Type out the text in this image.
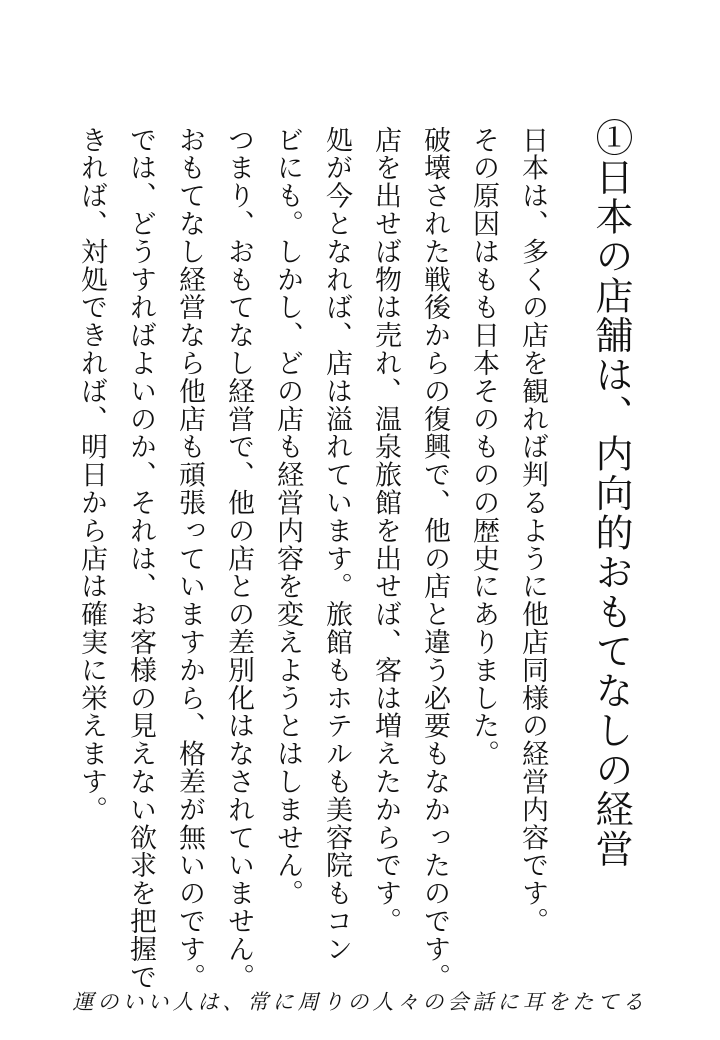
①日本の店舗は、内向的おもてなしの経営
日本は、多くの店を観れば判るように他店同様の経営内容です。
その原因はもも日本そのものの歴史にありました。
破壊された戦後からの復興で、他の店と違う必要もなかったのです。
店を出せば物は売れ、温泉旅館を出せば、客は増えたからです。
処が今となれば、店は溢れています。旅館もホテルも美容院もコン
ビにも。しかし、どの店も経営内容を変えようとはしません。
つまり、おもてなし経営で、他の店との差別化はなされていません。
おもてなし経営なら他店も頑張っていますから、格差が無いのです。
では、どうすればよいのか、それは、お客様の見えない欲求を把握で
きれば、対処できれば、明日から店は確実に栄えます。
運のいい人は、常に周りの人々の会話に耳をたてる
